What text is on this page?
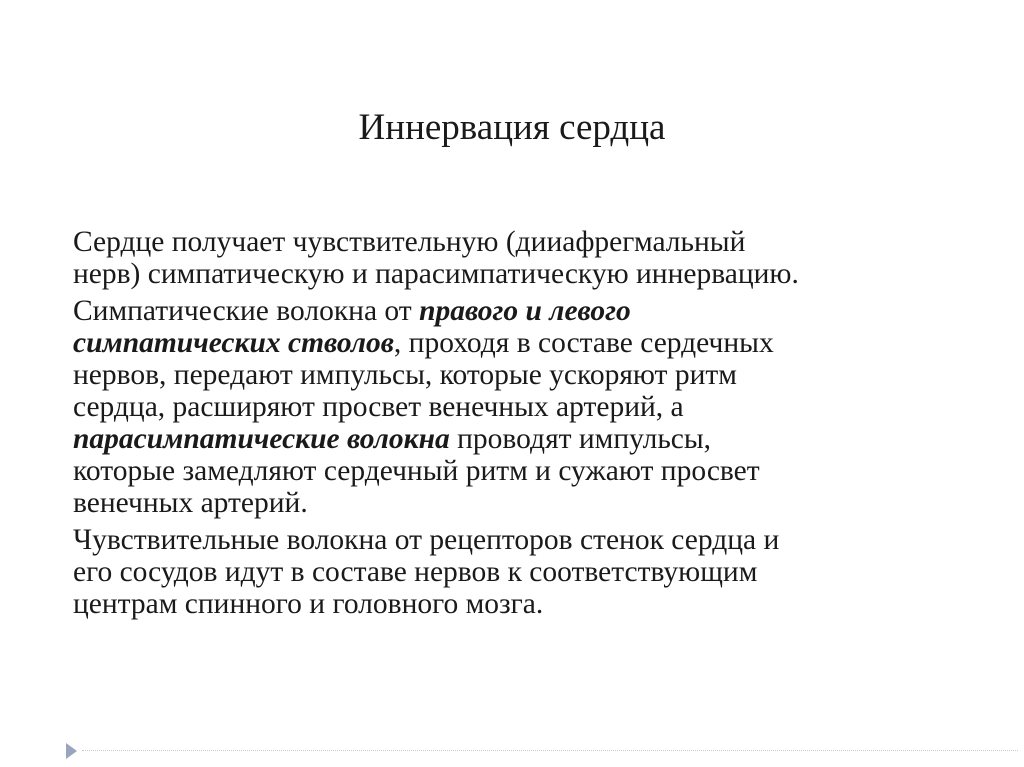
Иннервация сердца

Сердце получает чувствительную (дииафрегмальный
нерв) симпатическую и парасимпатическую иннервацию.

Симпатические волокна от правого и левого
симпатических стволов, проходя в составе сердечных
нервов, передают импульсы, которые ускоряют ритм
сердца, расширяют просвет венечных артерий, а
парасимпатические волокна проводят импульсы,
которые замедляют сердечный ритм и сужают просвет
венечных артерий.

Чувствительные волокна от рецепторов стенок сердца и
его сосудов идут в составе нервов к соответствующим
центрам спинного и головного мозга.
